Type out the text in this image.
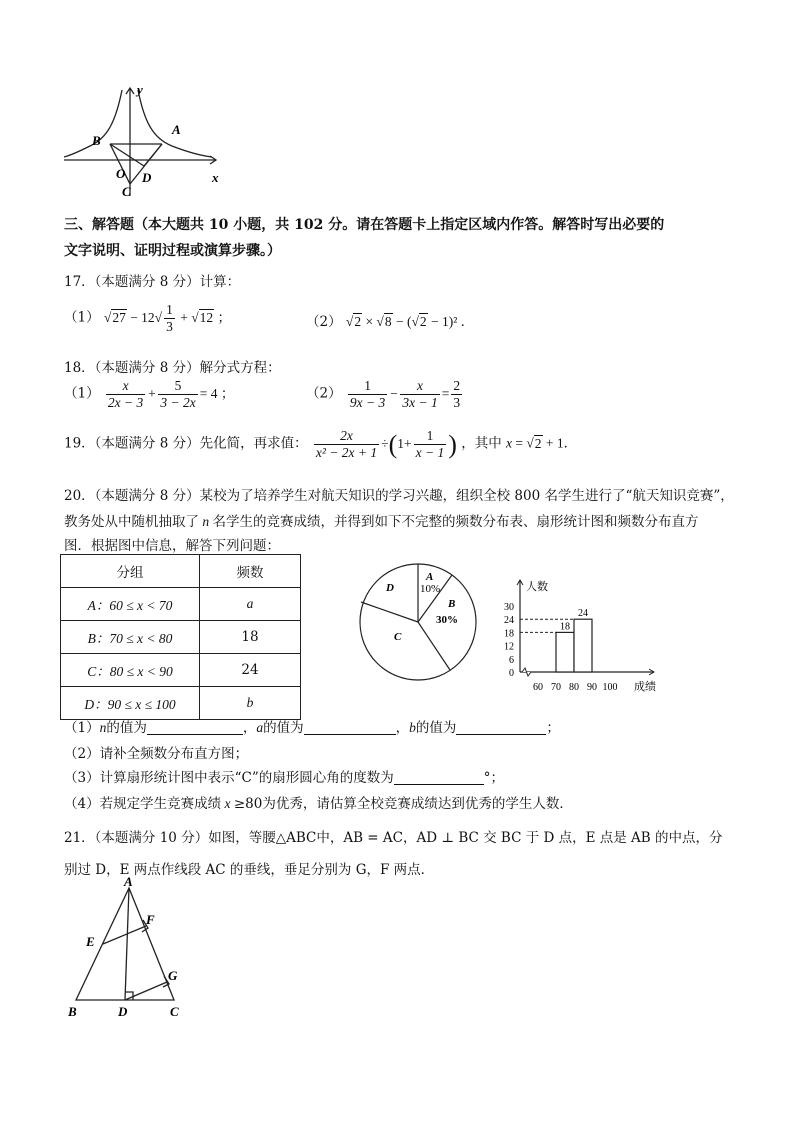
y
x
A
B
O
C
D
三、解答题（本大题共 10 小题，共 102 分。请在答题卡上指定区域内作答。解答时写出必要的
文字说明、证明过程或演算步骤。）
17．（本题满分 8 分）计算：
（1） $√27 - 12√ \frac{1}{3} + √12$ ；	（2） √2 × √8 − (√2 − 1)² ．
18．（本题满分 8 分）解分式方程：
$(1) \frac{x}{2x - 3} + \frac{5}{3 - 2x} = 4$ ；	$(2) \frac{1}{9x - 3} - \frac{x}{3x - 1} = \frac{2}{3}$
19．（本题满分 8 分）先化简，再求值： $\frac{2x}{\text{x² − 2x + 1}} \div(1+ \frac{1}{x - 1}$ ) ，其中 x = √2 + 1．
20．（本题满分 8 分）某校为了培养学生对航天知识的学习兴趣，组织全校 800 名学生进行了“航天知识竞赛”，
教务处从中随机抽取了 n 名学生的竞赛成绩，并得到如下不完整的频数分布表、扇形统计图和频数分布直方
图．根据图中信息，解答下列问题：
分组	频数
A：60 ≤ x < 70	a
B：70 ≤ x < 80	18
C：80 ≤ x < 90	24
D：90 ≤ x ≤ 100	b
A
10%
B
30%
C
D	人数
成绩
30
24
18
12
6
0
60 70 80 90 100
18
24
（1）n的值为	，a的值为	，b的值为	；
（2）请补全频数分布直方图；
（3）计算扇形统计图中表示“C”的扇形圆心角的度数为	°；
（4）若规定学生竞赛成绩 x ≥80为优秀，请估算全校竞赛成绩达到优秀的学生人数．
21．（本题满分 10 分）如图，等腰△ABC中，AB = AC，AD ⊥ BC 交 BC 于 D 点，E 点是 AB 的中点，分
别过 D，E 两点作线段 AC 的垂线，垂足分别为 G，F 两点．
A
B	C
D
E
F
G
